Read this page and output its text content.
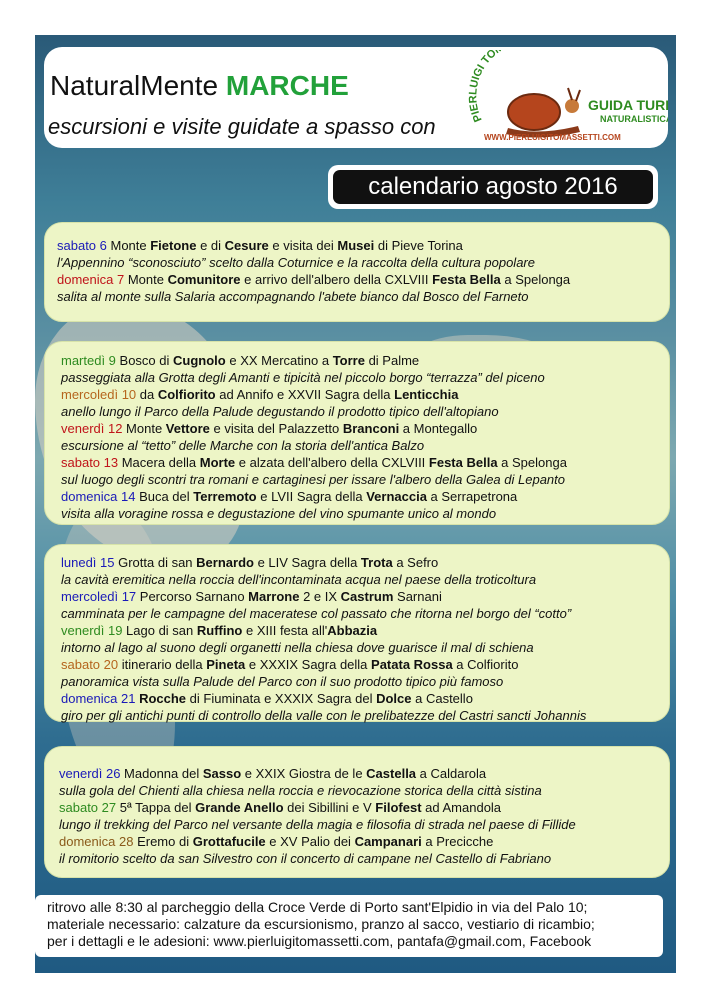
NaturalMente MARCHE
escursioni e visite guidate a spasso con	PIERLUIGI TO
GUIDA TURI
NATURALISTICA
WWW.PIERLUIGITOMASSETTI.COM
calendario agosto 2016
sabato 6 Monte Fietone e di Cesure e visita dei Musei di Pieve Torina
l'Appennino “sconosciuto” scelto dalla Coturnice e la raccolta della cultura popolare
domenica 7 Monte Comunitore e arrivo dell'albero della CXLVIII Festa Bella a Spelonga
salita al monte sulla Salaria accompagnando l'abete bianco dal Bosco del Farneto
martedì 9 Bosco di Cugnolo e XX Mercatino a Torre di Palme
passeggiata alla Grotta degli Amanti e tipicità nel piccolo borgo “terrazza” del piceno
mercoledì 10 da Colfiorito ad Annifo e XXVII Sagra della Lenticchia
anello lungo il Parco della Palude degustando il prodotto tipico dell'altopiano
venerdì 12 Monte Vettore e visita del Palazzetto Branconi a Montegallo
escursione al “tetto” delle Marche con la storia dell'antica Balzo
sabato 13 Macera della Morte e alzata dell'albero della CXLVIII Festa Bella a Spelonga
sul luogo degli scontri tra romani e cartaginesi per issare l'albero della Galea di Lepanto
domenica 14 Buca del Terremoto e LVII Sagra della Vernaccia a Serrapetrona
visita alla voragine rossa e degustazione del vino spumante unico al mondo
lunedì 15 Grotta di san Bernardo e LIV Sagra della Trota a Sefro
la cavità eremitica nella roccia dell'incontaminata acqua nel paese della troticoltura
mercoledì 17 Percorso Sarnano Marrone 2 e IX Castrum Sarnani
camminata per le campagne del maceratese col passato che ritorna nel borgo del “cotto”
venerdì 19 Lago di san Ruffino e XIII festa all'Abbazia
intorno al lago al suono degli organetti nella chiesa dove guarisce il mal di schiena
sabato 20 itinerario della Pineta e XXXIX Sagra della Patata Rossa a Colfiorito
panoramica vista sulla Palude del Parco con il suo prodotto tipico più famoso
domenica 21 Rocche di Fiuminata e XXXIX Sagra del Dolce a Castello
giro per gli antichi punti di controllo della valle con le prelibatezze del Castri sancti Johannis
venerdì 26 Madonna del Sasso e XXIX Giostra de le Castella a Caldarola
sulla gola del Chienti alla chiesa nella roccia e rievocazione storica della città sistina
sabato 27 5ª Tappa del Grande Anello dei Sibillini e V Filofest ad Amandola
lungo il trekking del Parco nel versante della magia e filosofia di strada nel paese di Fillide
domenica 28 Eremo di Grottafucile e XV Palio dei Campanari a Precicche
il romitorio scelto da san Silvestro con il concerto di campane nel Castello di Fabriano
ritrovo alle 8:30 al parcheggio della Croce Verde di Porto sant'Elpidio in via del Palo 10;
materiale necessario: calzature da escursionismo, pranzo al sacco, vestiario di ricambio;
per i dettagli e le adesioni: www.pierluigitomassetti.com, pantafa@gmail.com, Facebook
